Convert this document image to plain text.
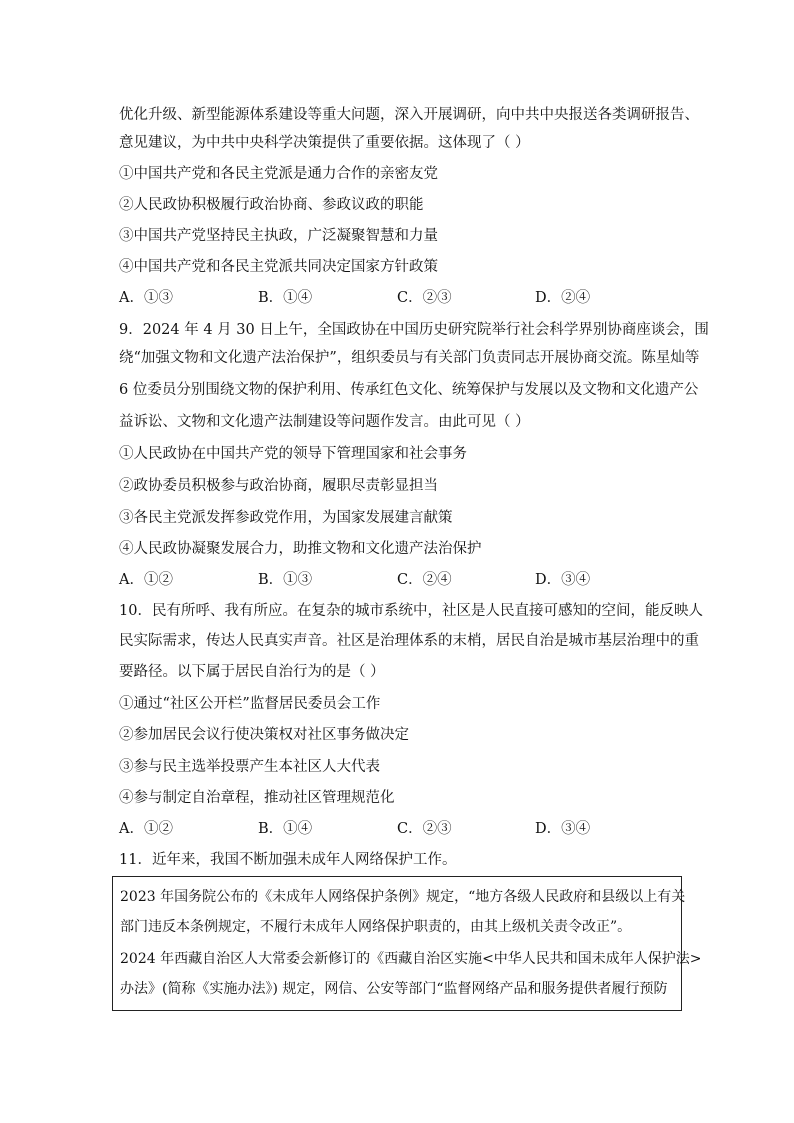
优化升级、新型能源体系建设等重大问题，深入开展调研，向中共中央报送各类调研报告、
意见建议，为中共中央科学决策提供了重要依据。这体现了（ ）
①中国共产党和各民主党派是通力合作的亲密友党
②人民政协积极履行政治协商、参政议政的职能
③中国共产党坚持民主执政，广泛凝聚智慧和力量
④中国共产党和各民主党派共同决定国家方针政策
A．①③	B．①④	C．②③	D．②④
9．2024 年 4 月 30 日上午，全国政协在中国历史研究院举行社会科学界别协商座谈会，围
绕“加强文物和文化遗产法治保护”，组织委员与有关部门负责同志开展协商交流。陈星灿等
6 位委员分别围绕文物的保护利用、传承红色文化、统筹保护与发展以及文物和文化遗产公
益诉讼、文物和文化遗产法制建设等问题作发言。由此可见（ ）
①人民政协在中国共产党的领导下管理国家和社会事务
②政协委员积极参与政治协商，履职尽责彰显担当
③各民主党派发挥参政党作用，为国家发展建言献策
④人民政协凝聚发展合力，助推文物和文化遗产法治保护
A．①②	B．①③	C．②④	D．③④
10．民有所呼、我有所应。在复杂的城市系统中，社区是人民直接可感知的空间，能反映人
民实际需求，传达人民真实声音。社区是治理体系的末梢，居民自治是城市基层治理中的重
要路径。以下属于居民自治行为的是（ ）
①通过“社区公开栏”监督居民委员会工作
②参加居民会议行使决策权对社区事务做决定
③参与民主选举投票产生本社区人大代表
④参与制定自治章程，推动社区管理规范化
A．①②	B．①④	C．②③	D．③④
11．近年来，我国不断加强未成年人网络保护工作。
2023 年国务院公布的《未成年人网络保护条例》规定，“地方各级人民政府和县级以上有关
部门违反本条例规定，不履行未成年人网络保护职责的，由其上级机关责令改正”。
2024 年西藏自治区人大常委会新修订的《西藏自治区实施<中华人民共和国未成年人保护法>
办法》(简称《实施办法》) 规定，网信、公安等部门“监督网络产品和服务提供者履行预防
